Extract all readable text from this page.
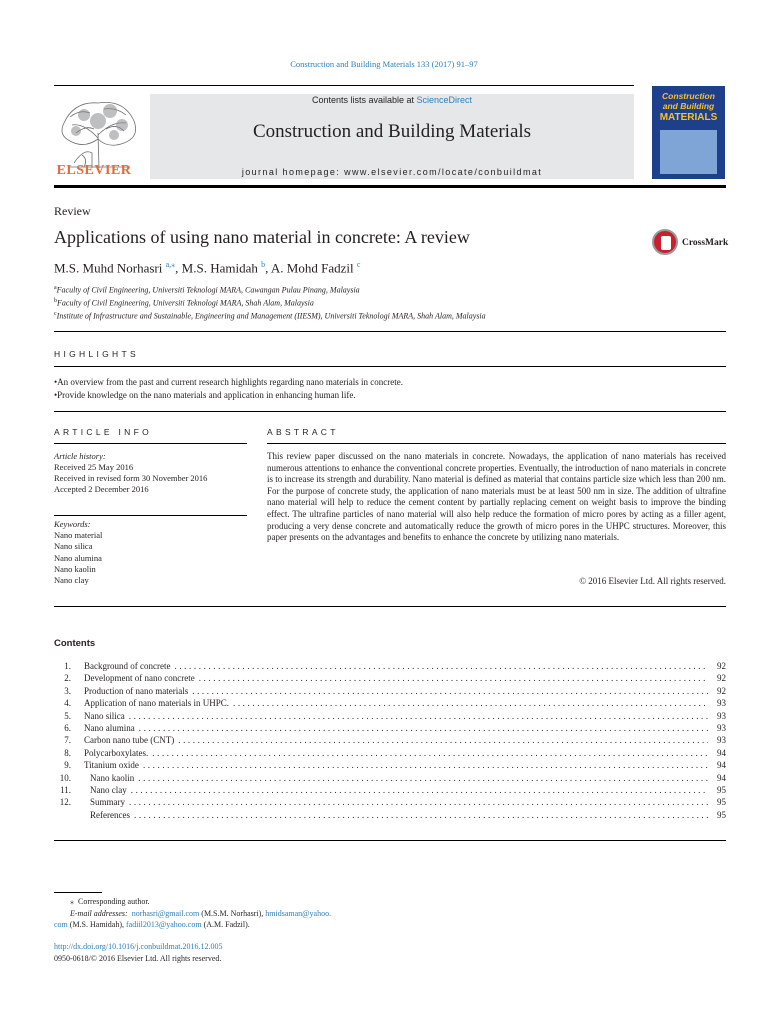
Construction and Building Materials 133 (2017) 91–97
ELSEVIER
Contents lists available at ScienceDirect
Construction and Building Materials
journal homepage: www.elsevier.com/locate/conbuildmat
Construction
and Building
MATERIALS
Review
Applications of using nano material in concrete: A review	CrossMark
M.S. Muhd Norhasri $^{a,⁎}$, M.S. Hamidah $^b$, A. Mohd Fadzil $^c$
$^a$Faculty of Civil Engineering, Universiti Teknologi MARA, Cawangan Pulau Pinang, Malaysia
$^b$Faculty of Civil Engineering, Universiti Teknologi MARA, Shah Alam, Malaysia
$^c$Institute of Infrastructure and Sustainable, Engineering and Management (IIESM), Universiti Teknologi MARA, Shah Alam, Malaysia
HIGHLIGHTS
• An overview from the past and current research highlights regarding nano materials in concrete.
• Provide knowledge on the nano materials and application in enhancing human life.
ARTICLE INFO
Article history:
Received 25 May 2016
Received in revised form 30 November 2016
Accepted 2 December 2016
Keywords:
Nano material
Nano silica
Nano alumina
Nano kaolin
Nano clay
ABSTRACT

This review paper discussed on the nano materials in concrete. Nowadays, the application of nano materials has received numerous attentions to enhance the conventional concrete properties. Eventually, the introduction of nano materials in concrete is to increase its strength and durability. Nano material is defined as material that contains particle size which less than 200 nm. For the purpose of concrete study, the application of nano materials must be at least 500 nm in size. The addition of ultrafine nano material will help to reduce the cement content by partially replacing cement on weight basis to improve the binding effect. The ultrafine particles of nano material will also help reduce the formation of micro pores by acting as a filler agent, producing a very dense concrete and automatically reduce the growth of micro pores in the UHPC structures. Moreover, this paper presents on the advantages and benefits to enhance the concrete by utilizing nano materials.

© 2016 Elsevier Ltd. All rights reserved.
Contents
1. Background of concrete .....	92
2. Development of nano concrete .....	92
3. Production of nano materials .....	92
4. Application of nano materials in UHPC. .....	93
5. Nano silica .....	93
6. Nano alumina .....	93
7. Carbon nano tube (CNT) .....	93
8. Polycarboxylates. .....	94
9. Titanium oxide .....	94
10. Nano kaolin .....	94
11. Nano clay .....	95
12. Summary .....	95
References .....	95
⁎ Corresponding author.
E-mail addresses: norhasri@gmail.com (M.S.M. Norhasri), hmidsaman@yahoo.
com (M.S. Hamidah), fadiil2013@yahoo.com (A.M. Fadzil).
http://dx.doi.org/10.1016/j.conbuildmat.2016.12.005
0950-0618/© 2016 Elsevier Ltd. All rights reserved.
